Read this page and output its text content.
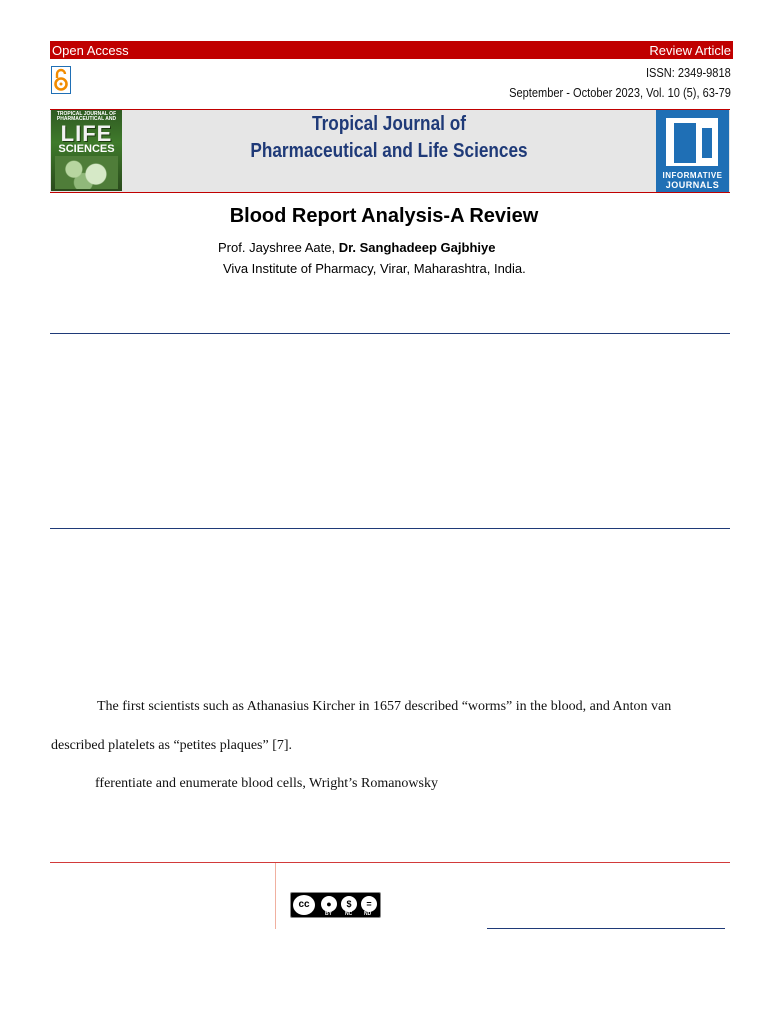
Open Access	Review Article
ISSN: 2349-9818
September - October 2023, Vol. 10 (5), 63-79
TROPICAL JOURNAL OF PHARMACEUTICAL AND
LIFE
SCIENCES
Tropical Journal of
Pharmaceutical and Life Sciences
INFORMATIVE
JOURNALS
Blood Report Analysis-A Review
Prof. Jayshree Aate, Dr. Sanghadeep Gajbhiye
Viva Institute of Pharmacy, Virar, Maharashtra, India.
The first scientists such as Athanasius Kircher in 1657 described “worms” in the blood, and Anton van
described platelets as “petites plaques” [7].
fferentiate and enumerate blood cells, Wright’s Romanowsky
cc	●	$	=
BY	NC ND
